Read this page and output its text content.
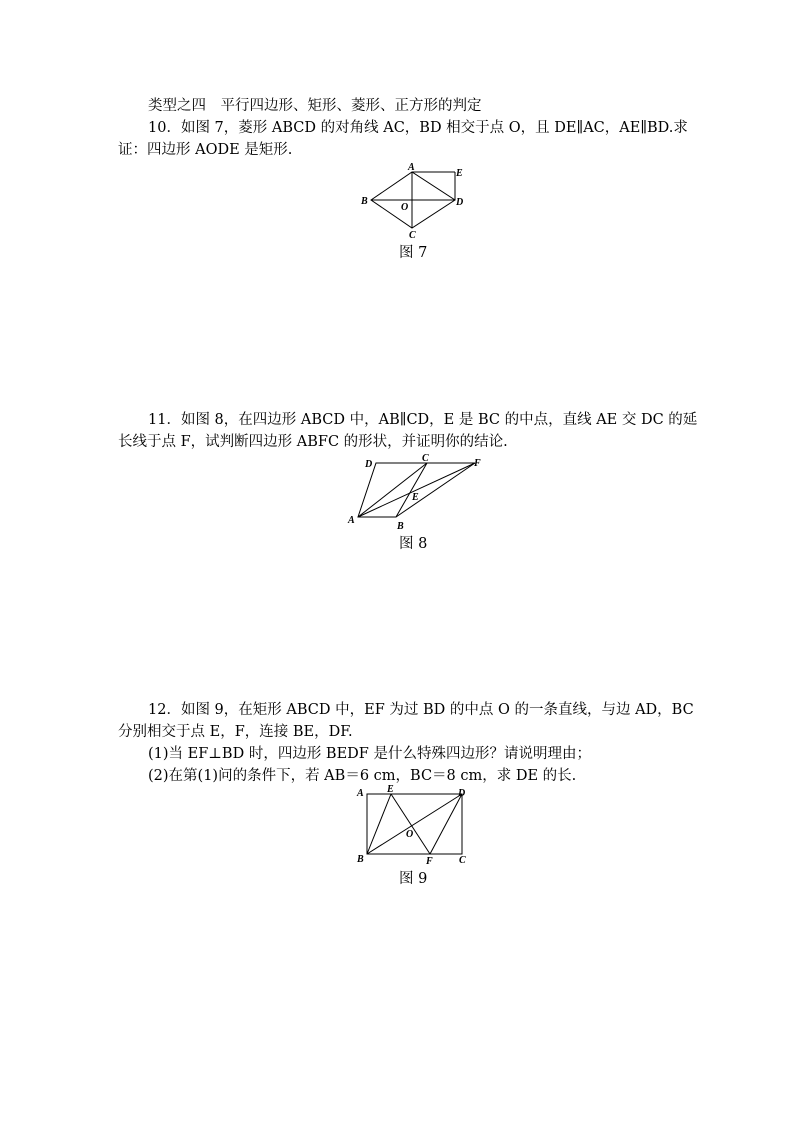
类型之四　平行四边形、矩形、菱形、正方形的判定
10．如图 7，菱形 ABCD 的对角线 AC，BD 相交于点 O，且 DE∥AC，AE∥BD.求
证：四边形 AODE 是矩形.
A
B
C
D
E
O
图 7
11．如图 8，在四边形 ABCD 中，AB∥CD，E 是 BC 的中点，直线 AE 交 DC 的延
长线于点 F，试判断四边形 ABFC 的形状，并证明你的结论.
A
B
C
D
E
F
图 8
12．如图 9，在矩形 ABCD 中，EF 为过 BD 的中点 O 的一条直线，与边 AD，BC
分别相交于点 E，F，连接 BE，DF.
(1)当 EF⊥BD 时，四边形 BEDF 是什么特殊四边形？请说明理由；
(2)在第(1)问的条件下，若 AB＝6 cm，BC＝8 cm，求 DE 的长.
A
B	C
D
E
F
O
图 9
